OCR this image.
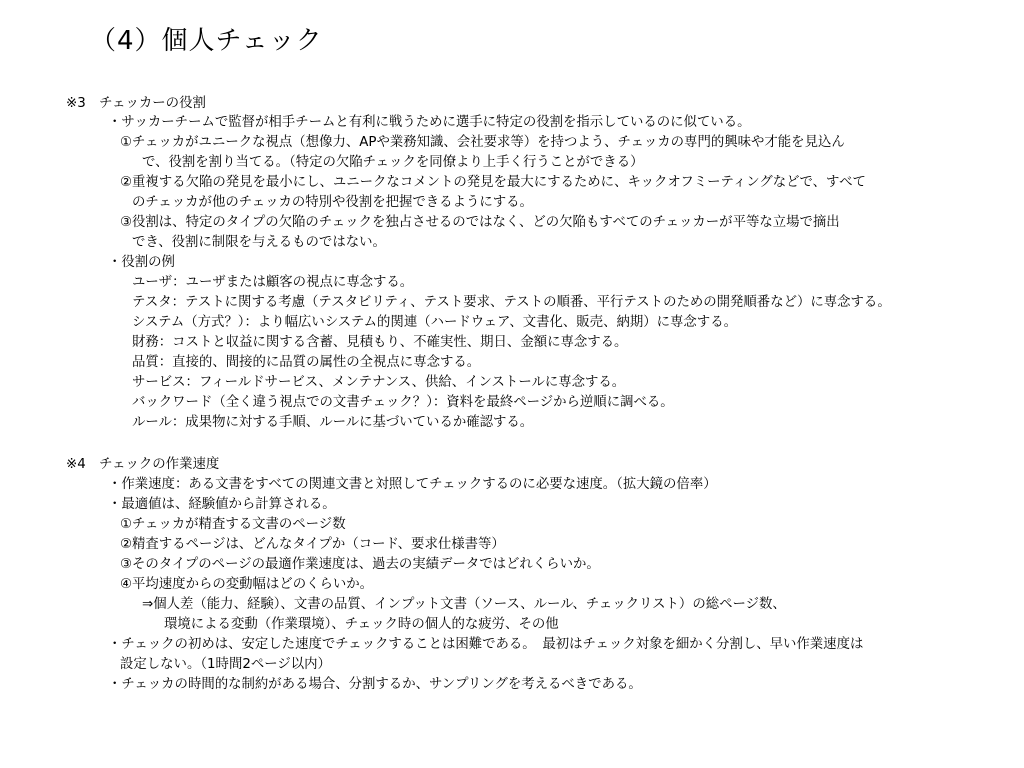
（4）個人チェック
※3　チェッカーの役割
・サッカーチームで監督が相手チームと有利に戦うために選手に特定の役割を指示しているのに似ている。
①チェッカがユニークな視点（想像力、APや業務知識、会社要求等）を持つよう、チェッカの専門的興味や才能を見込ん
で、役割を割り当てる。（特定の欠陥チェックを同僚より上手く行うことができる）
②重複する欠陥の発見を最小にし、ユニークなコメントの発見を最大にするために、キックオフミーティングなどで、すべて
のチェッカが他のチェッカの特別や役割を把握できるようにする。
③役割は、特定のタイプの欠陥のチェックを独占させるのではなく、どの欠陥もすべてのチェッカーが平等な立場で摘出
でき、役割に制限を与えるものではない。
・役割の例
ユーザ：ユーザまたは顧客の視点に専念する。
テスタ：テストに関する考慮（テスタビリティ、テスト要求、テストの順番、平行テストのための開発順番など）に専念する。
システム（方式？）：より幅広いシステム的関連（ハードウェア、文書化、販売、納期）に専念する。
財務：コストと収益に関する含蓄、見積もり、不確実性、期日、金額に専念する。
品質：直接的、間接的に品質の属性の全視点に専念する。
サービス：フィールドサービス、メンテナンス、供給、インストールに専念する。
バックワード（全く違う視点での文書チェック？）：資料を最終ページから逆順に調べる。
ルール：成果物に対する手順、ルールに基づいているか確認する。
※4　チェックの作業速度
・作業速度：ある文書をすべての関連文書と対照してチェックするのに必要な速度。（拡大鏡の倍率）
・最適値は、経験値から計算される。
①チェッカが精査する文書のページ数
②精査するページは、どんなタイプか（コード、要求仕様書等）
③そのタイプのページの最適作業速度は、過去の実績データではどれくらいか。
④平均速度からの変動幅はどのくらいか。
⇒個人差（能力、経験）、文書の品質、インプット文書（ソース、ルール、チェックリスト）の総ページ数、
環境による変動（作業環境）、チェック時の個人的な疲労、その他
・チェックの初めは、安定した速度でチェックすることは困難である。　最初はチェック対象を細かく分割し、早い作業速度は
設定しない。（1時間2ページ以内）
・チェッカの時間的な制約がある場合、分割するか、サンプリングを考えるべきである。
